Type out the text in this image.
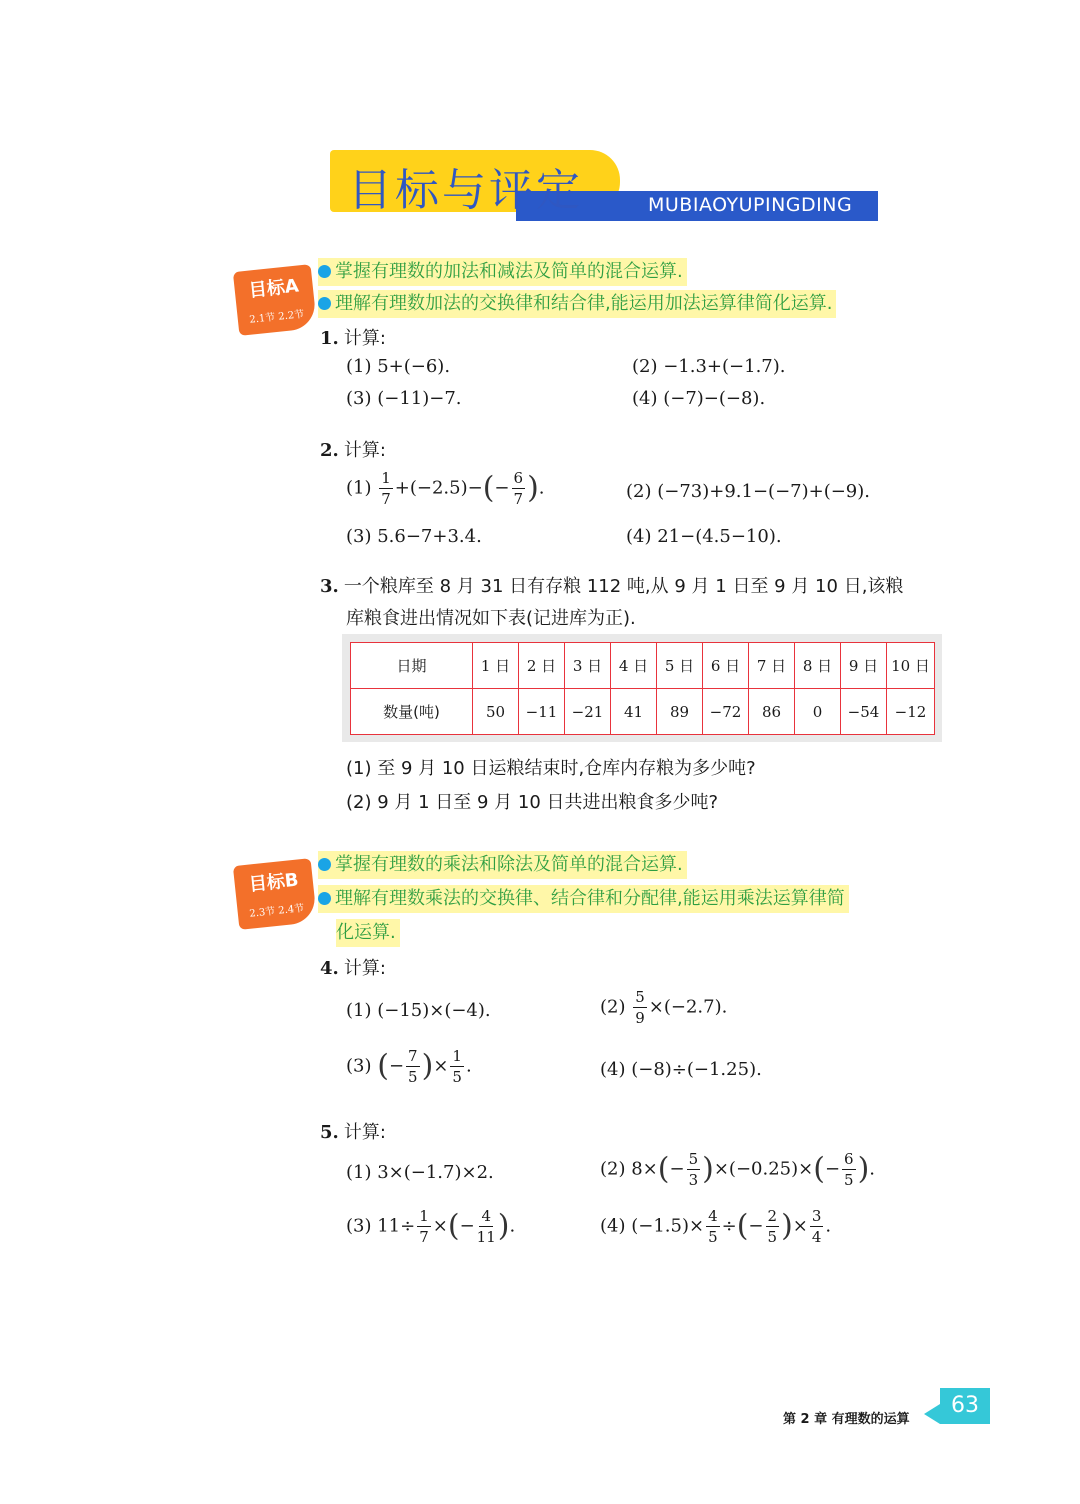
目标与评定	MUBIAOYUPINGDING
目标A
2.1节 2.2节
掌握有理数的加法和减法及简单的混合运算.
理解有理数加法的交换律和结合律,能运用加法运算律简化运算.
1. 计算:
(1) 5+(−6).	(2) −1.3+(−1.7).
(3) (−11)−7.	(4) (−7)−(−8).
2. 计算:
$(1) \frac{1}{7} +(-2.5)-(- \frac{6}{7}$ ).	(2) (−73)+9.1−(−7)+(−9).
(3) 5.6−7+3.4.	(4) 21−(4.5−10).
3. 一个粮库至 8 月 31 日有存粮 112 吨,从 9 月 1 日至 9 月 10 日,该粮
库粮食进出情况如下表(记进库为正).
日期	1 日	2 日	3 日	4 日	5 日	6 日	7 日	8 日	9 日	10 日
数量(吨)	50	−11	−21	41	89	−72	86	0	−54	−12
(1) 至 9 月 10 日运粮结束时,仓库内存粮为多少吨?
(2) 9 月 1 日至 9 月 10 日共进出粮食多少吨?
目标B
2.3节 2.4节
掌握有理数的乘法和除法及简单的混合运算.
理解有理数乘法的交换律、结合律和分配律,能运用乘法运算律简
化运算.
4. 计算:
(1) (−15)×(−4).	$(2) \frac{5}{9} \times(-2.7)$.
(3) (− $\frac{7}{5}$ )× $\frac{1}{5}$ .	(4) (−8)÷(−1.25).
5. 计算:
(1) 3×(−1.7)×2.	(2) $8\times(- \frac{5}{3} )\times(-0.25)\times(- \frac{6}{5}$ ).
(3) $11\div \frac{1}{7}$ ×(− $\frac{4}{11}$ ).	(4) $(-1.5)\times \frac{4}{5}$ ÷(− $\frac{2}{5}$ )× $\frac{3}{4}$ .
第 2 章 有理数的运算
63
